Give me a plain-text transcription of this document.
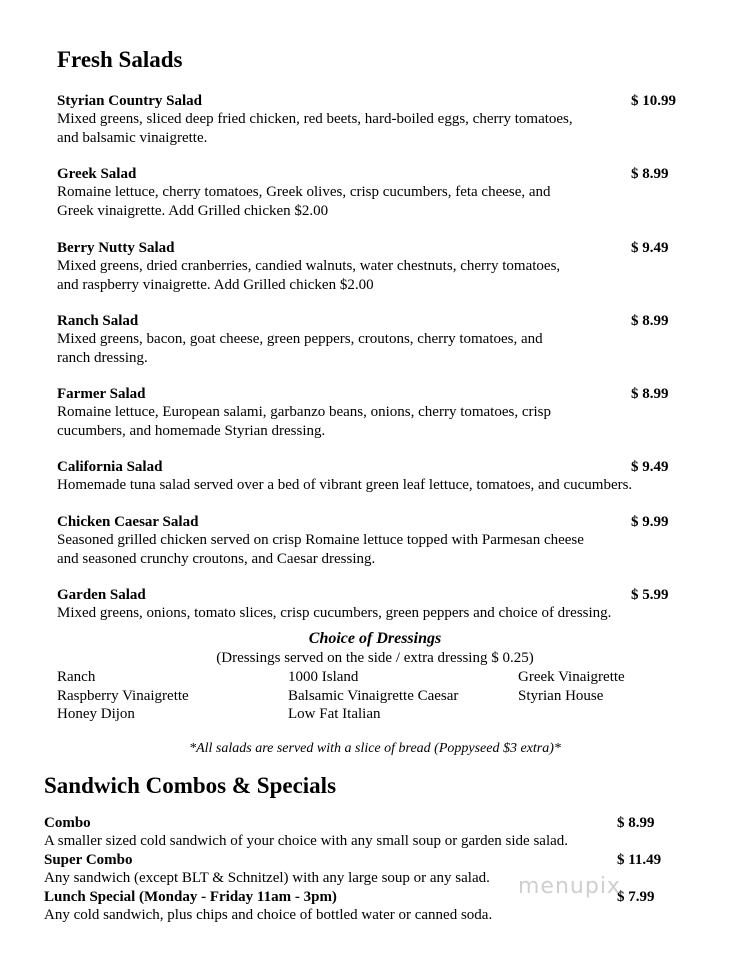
Fresh Salads
Styrian Country Salad
Mixed greens, sliced deep fried chicken, red beets, hard-boiled eggs, cherry tomatoes,
and balsamic vinaigrette.
$ 10.99
Greek Salad
Romaine lettuce, cherry tomatoes, Greek olives, crisp cucumbers, feta cheese, and
Greek vinaigrette. Add Grilled chicken $2.00
$ 8.99
Berry Nutty Salad
Mixed greens, dried cranberries, candied walnuts, water chestnuts, cherry tomatoes,
and raspberry vinaigrette. Add Grilled chicken $2.00
$ 9.49
Ranch Salad
Mixed greens, bacon, goat cheese, green peppers, croutons, cherry tomatoes, and
ranch dressing.
$ 8.99
Farmer Salad
Romaine lettuce, European salami, garbanzo beans, onions, cherry tomatoes, crisp
cucumbers, and homemade Styrian dressing.
$ 8.99
California Salad
Homemade tuna salad served over a bed of vibrant green leaf lettuce, tomatoes, and cucumbers.
$ 9.49
Chicken Caesar Salad
Seasoned grilled chicken served on crisp Romaine lettuce topped with Parmesan cheese
and seasoned crunchy croutons, and Caesar dressing.
$ 9.99
Garden Salad
Mixed greens, onions, tomato slices, crisp cucumbers, green peppers and choice of dressing.
$ 5.99
Choice of Dressings
(Dressings served on the side / extra dressing $ 0.25)
Ranch
Raspberry Vinaigrette
Honey Dijon
1000 Island
Balsamic Vinaigrette Caesar
Low Fat Italian
Greek Vinaigrette
Styrian House
*All salads are served with a slice of bread (Poppyseed $3 extra)*
Sandwich Combos & Specials
Combo
A smaller sized cold sandwich of your choice with any small soup or garden side salad.
$ 8.99
Super Combo
Any sandwich (except BLT & Schnitzel) with any large soup or any salad.
$ 11.49
Lunch Special (Monday - Friday 11am - 3pm)
Any cold sandwich, plus chips and choice of bottled water or canned soda.
$ 7.99
menupix
